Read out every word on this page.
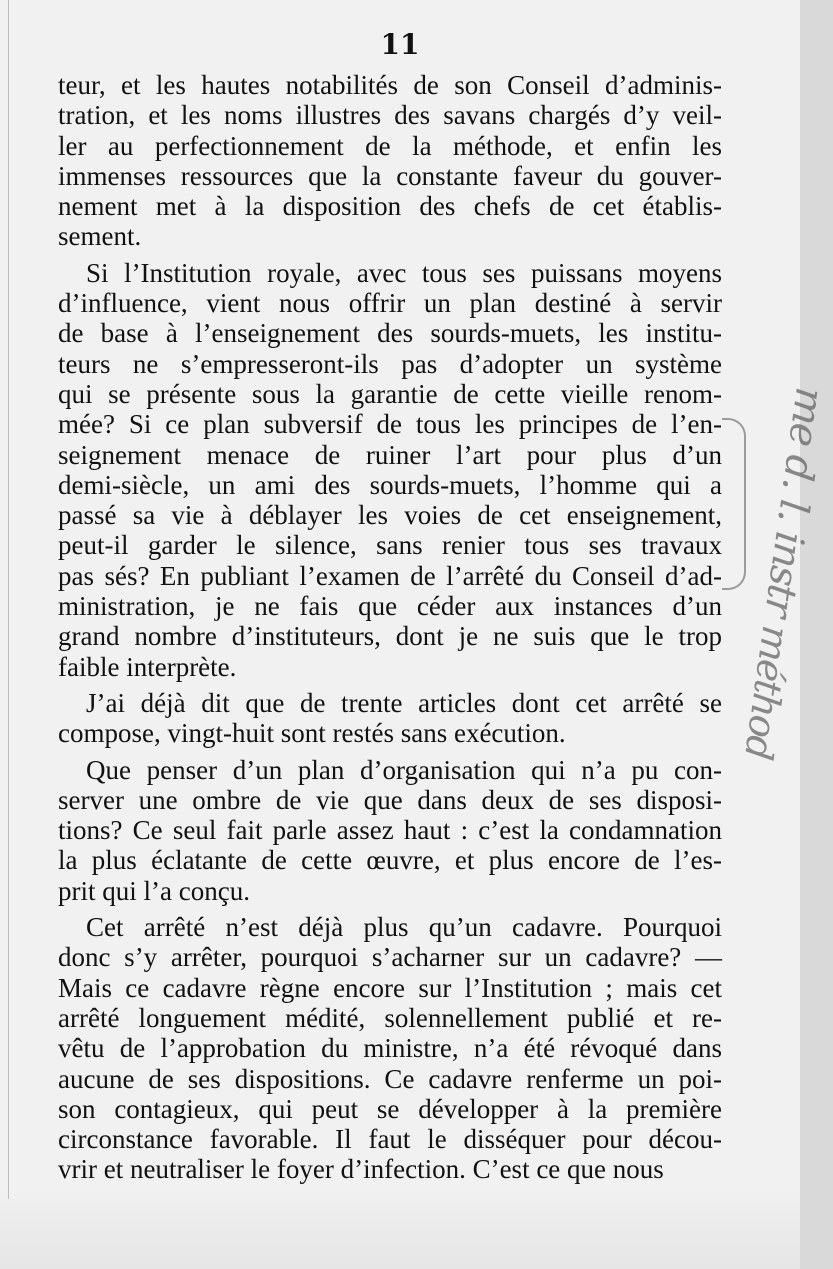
11
teur, et les hautes notabilités de son Conseil d’adminis-
tration, et les noms illustres des savans chargés d’y veil-
ler au perfectionnement de la méthode, et enfin les
immenses ressources que la constante faveur du gouver-
nement met à la disposition des chefs de cet établis-
sement.
Si l’Institution royale, avec tous ses puissans moyens
d’influence, vient nous offrir un plan destiné à servir
de base à l’enseignement des sourds-muets, les institu-
teurs ne s’empresseront-ils pas d’adopter un système
qui se présente sous la garantie de cette vieille renom-
mée? Si ce plan subversif de tous les principes de l’en-
seignement menace de ruiner l’art pour plus d’un
demi-siècle, un ami des sourds-muets, l’homme qui a
passé sa vie à déblayer les voies de cet enseignement,
peut-il garder le silence, sans renier tous ses travaux
pas sés? En publiant l’examen de l’arrêté du Conseil d’ad-
ministration, je ne fais que céder aux instances d’un
grand nombre d’instituteurs, dont je ne suis que le trop
faible interprète.
J’ai déjà dit que de trente articles dont cet arrêté se
compose, vingt-huit sont restés sans exécution.
Que penser d’un plan d’organisation qui n’a pu con-
server une ombre de vie que dans deux de ses disposi-
tions? Ce seul fait parle assez haut : c’est la condamnation
la plus éclatante de cette œuvre, et plus encore de l’es-
prit qui l’a conçu.
Cet arrêté n’est déjà plus qu’un cadavre. Pourquoi
donc s’y arrêter, pourquoi s’acharner sur un cadavre? —
Mais ce cadavre règne encore sur l’Institution ; mais cet
arrêté longuement médité, solennellement publié et re-
vêtu de l’approbation du ministre, n’a été révoqué dans
aucune de ses dispositions. Ce cadavre renferme un poi-
son contagieux, qui peut se développer à la première
circonstance favorable. Il faut le disséquer pour décou-
vrir et neutraliser le foyer d’infection. C’est ce que nous
me d. l. instr méthod
